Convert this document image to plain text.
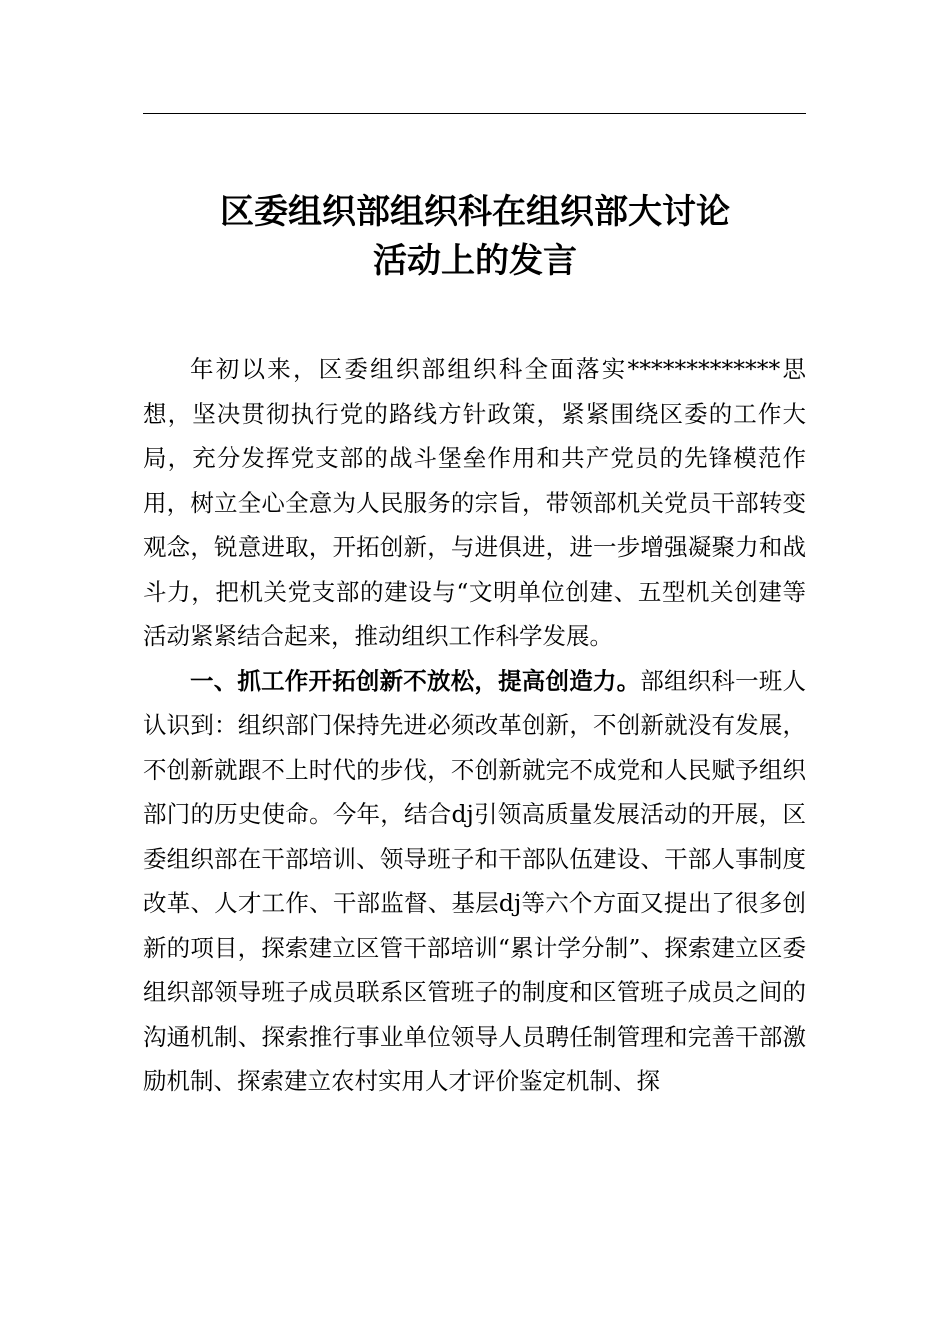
区委组织部组织科在组织部大讨论
活动上的发言

年初以来，区委组织部组织科全面落实*************思想，坚决贯彻执行党的路线方针政策，紧紧围绕区委的工作大局，充分发挥党支部的战斗堡垒作用和共产党员的先锋模范作用，树立全心全意为人民服务的宗旨，带领部机关党员干部转变观念，锐意进取，开拓创新，与进俱进，进一步增强凝聚力和战斗力，把机关党支部的建设与“文明单位创建、五型机关创建等活动紧紧结合起来，推动组织工作科学发展。

一、抓工作开拓创新不放松，提高创造力。部组织科一班人认识到：组织部门保持先进必须改革创新，不创新就没有发展，不创新就跟不上时代的步伐，不创新就完不成党和人民赋予组织部门的历史使命。今年，结合dj引领高质量发展活动的开展，区委组织部在干部培训、领导班子和干部队伍建设、干部人事制度改革、人才工作、干部监督、基层dj等六个方面又提出了很多创新的项目，探索建立区管干部培训“累计学分制”、探索建立区委组织部领导班子成员联系区管班子的制度和区管班子成员之间的沟通机制、探索推行事业单位领导人员聘任制管理和完善干部激励机制、探索建立农村实用人才评价鉴定机制、探
